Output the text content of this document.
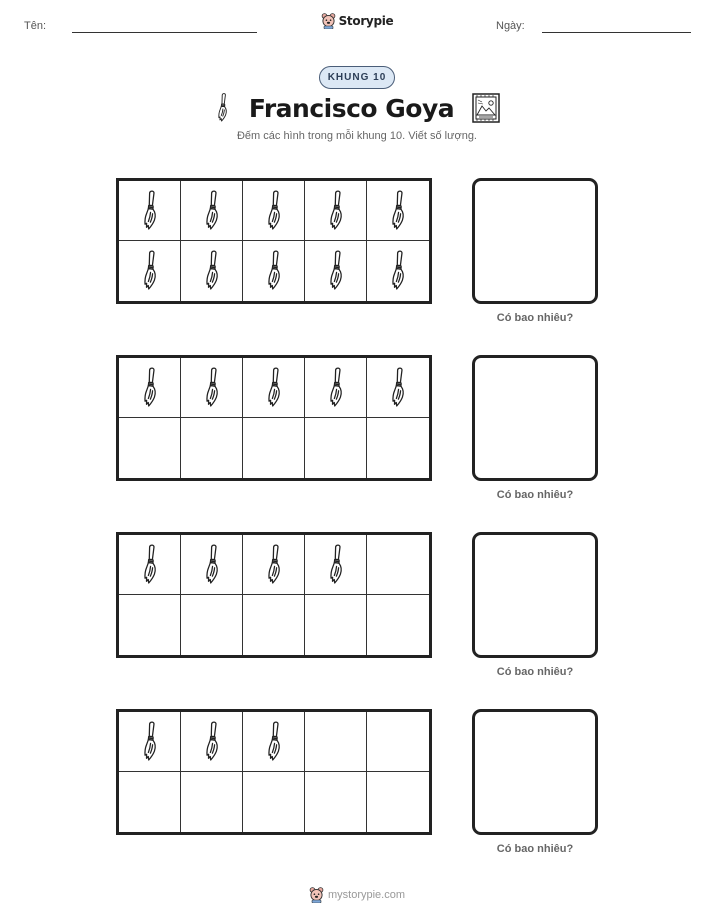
Tên:	Ngày:
Storypie
KHUNG 10
Francisco Goya
Đếm các hình trong mỗi khung 10. Viết số lượng.
Có bao nhiêu?
Có bao nhiêu?
Có bao nhiêu?
Có bao nhiêu?
mystorypie.com
